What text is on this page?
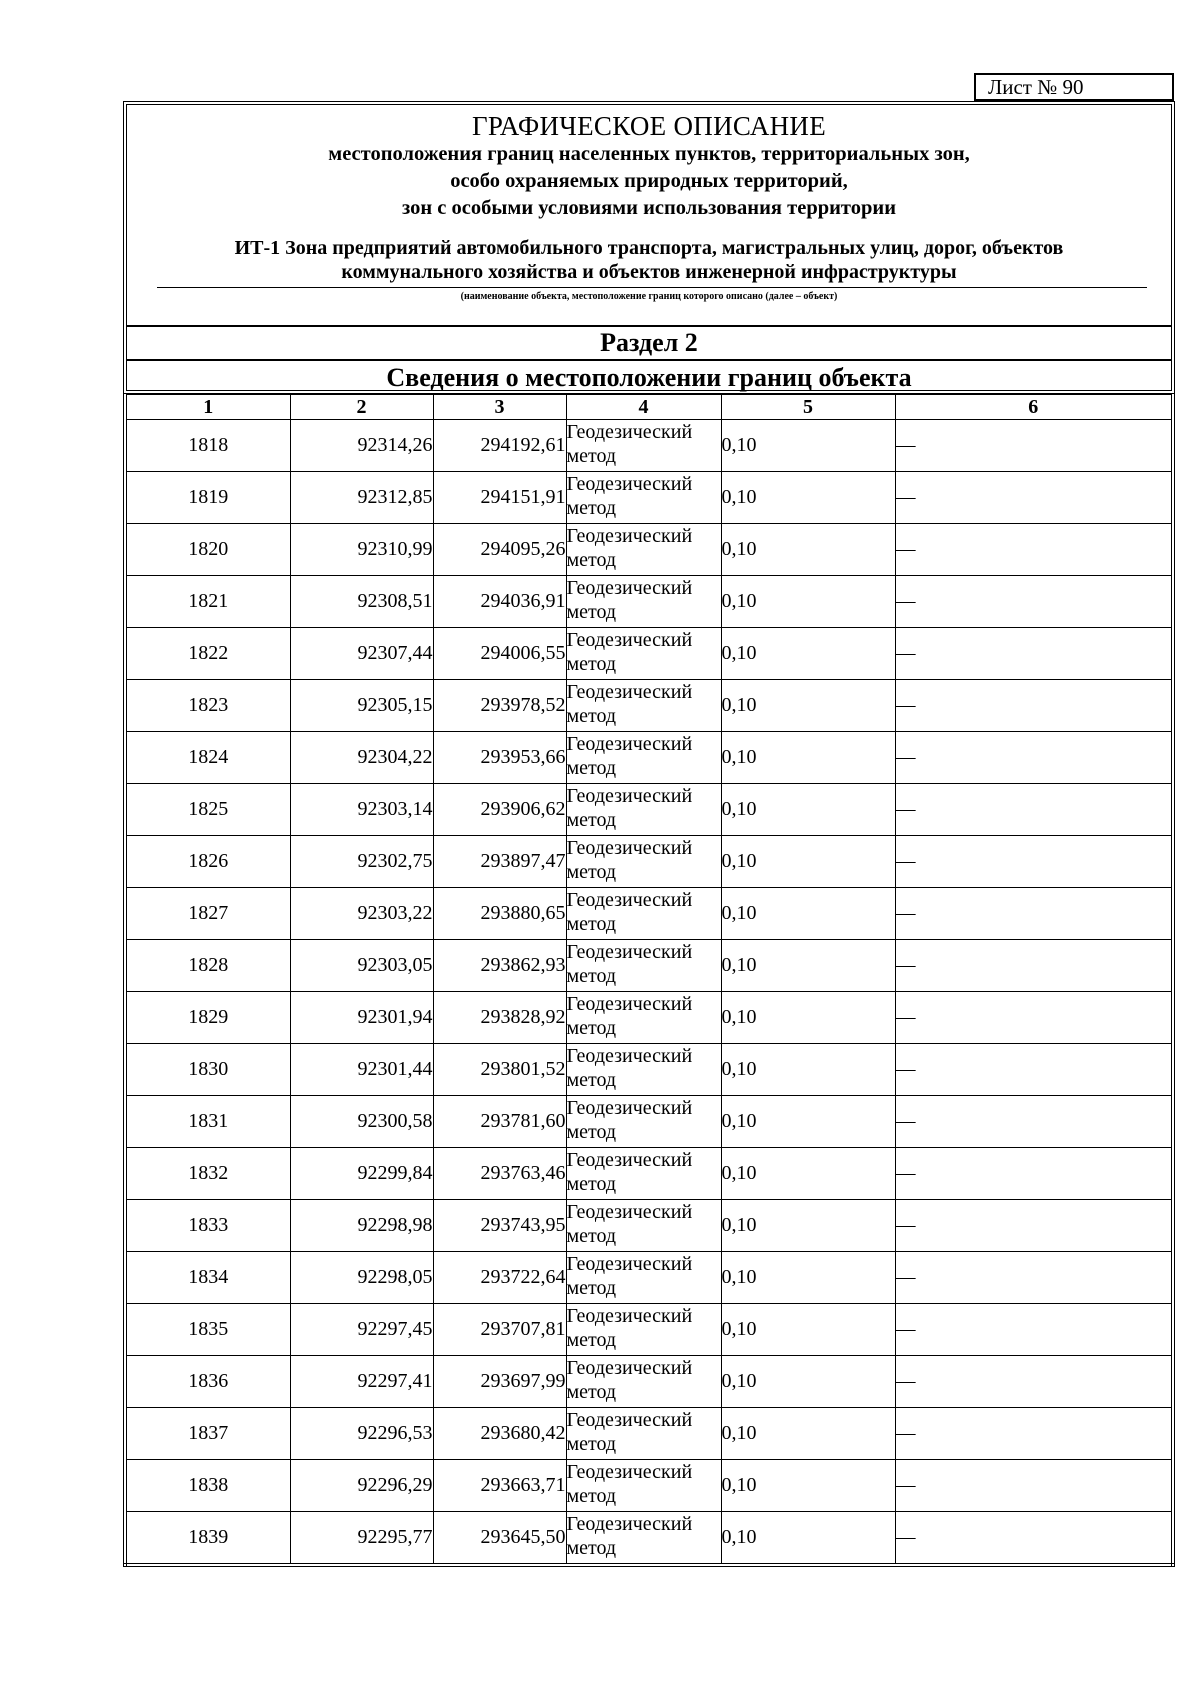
Лист № 90
ГРАФИЧЕСКОЕ ОПИСАНИЕ
местоположения границ населенных пунктов, территориальных зон,
особо охраняемых природных территорий,
зон с особыми условиями использования территории
ИТ-1 Зона предприятий автомобильного транспорта, магистральных улиц, дорог, объектов
коммунального хозяйства и объектов инженерной инфраструктуры
(наименование объекта, местоположение границ которого описано (далее – объект)
Раздел 2
Сведения о местоположении границ объекта
1	2	3	4	5	6
1818	92314,26	294192,61	Геодезический метод	0,10	—
1819	92312,85	294151,91	Геодезический метод	0,10	—
1820	92310,99	294095,26	Геодезический метод	0,10	—
1821	92308,51	294036,91	Геодезический метод	0,10	—
1822	92307,44	294006,55	Геодезический метод	0,10	—
1823	92305,15	293978,52	Геодезический метод	0,10	—
1824	92304,22	293953,66	Геодезический метод	0,10	—
1825	92303,14	293906,62	Геодезический метод	0,10	—
1826	92302,75	293897,47	Геодезический метод	0,10	—
1827	92303,22	293880,65	Геодезический метод	0,10	—
1828	92303,05	293862,93	Геодезический метод	0,10	—
1829	92301,94	293828,92	Геодезический метод	0,10	—
1830	92301,44	293801,52	Геодезический метод	0,10	—
1831	92300,58	293781,60	Геодезический метод	0,10	—
1832	92299,84	293763,46	Геодезический метод	0,10	—
1833	92298,98	293743,95	Геодезический метод	0,10	—
1834	92298,05	293722,64	Геодезический метод	0,10	—
1835	92297,45	293707,81	Геодезический метод	0,10	—
1836	92297,41	293697,99	Геодезический метод	0,10	—
1837	92296,53	293680,42	Геодезический метод	0,10	—
1838	92296,29	293663,71	Геодезический метод	0,10	—
1839	92295,77	293645,50	Геодезический метод	0,10	—
